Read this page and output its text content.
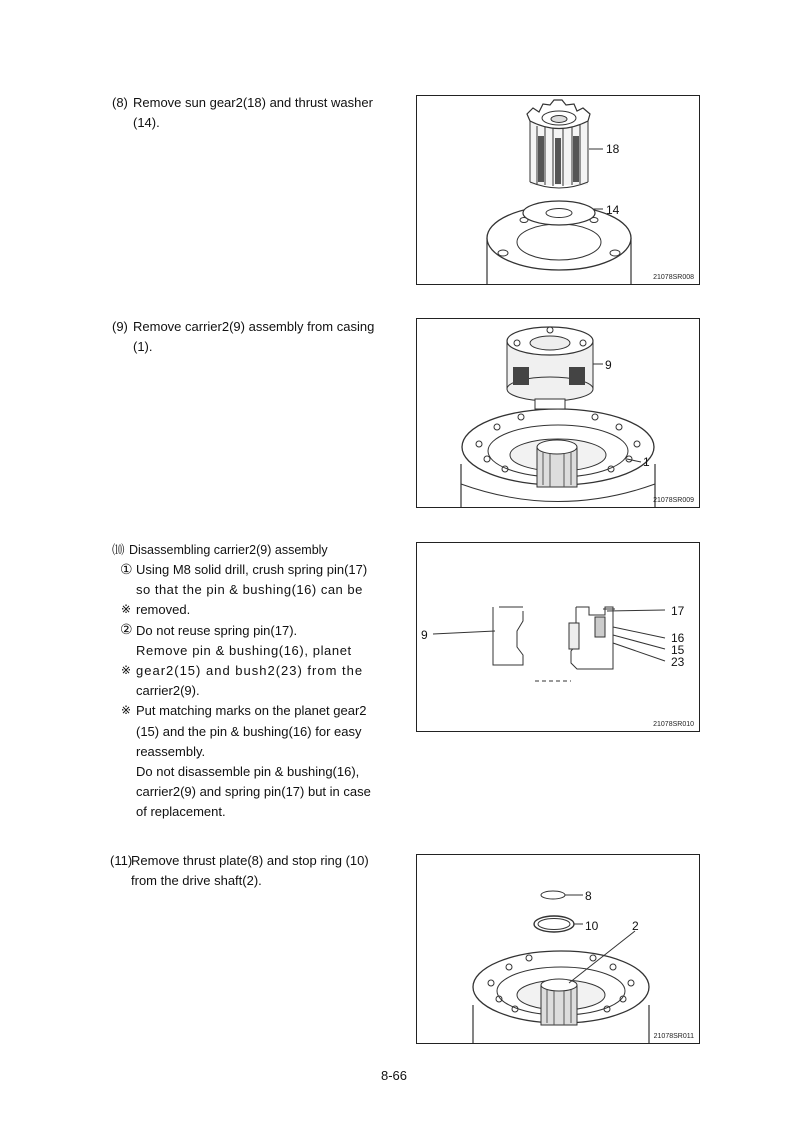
(8) Remove sun gear2(18) and thrust washer
(14).
18
14
21078SR008
(9) Remove carrier2(9) assembly from casing
(1).
9
1
21078SR009
⑽ Disassembling carrier2(9) assembly
①
※
②
※
※
Using M8 solid drill, crush spring pin(17)
so that the pin & bushing(16) can be
removed.
Do not reuse spring pin(17).
Remove pin & bushing(16), planet
gear2(15) and bush2(23) from the
carrier2(9).
Put matching marks on the planet gear2
(15) and the pin & bushing(16) for easy
reassembly.
Do not disassemble pin & bushing(16),
carrier2(9) and spring pin(17) but in case
of replacement.
9
17
16
15
23
21078SR010
(11)
Remove thrust plate(8) and stop ring (10)
from the drive shaft(2).
8
10	2
21078SR011
8-66
